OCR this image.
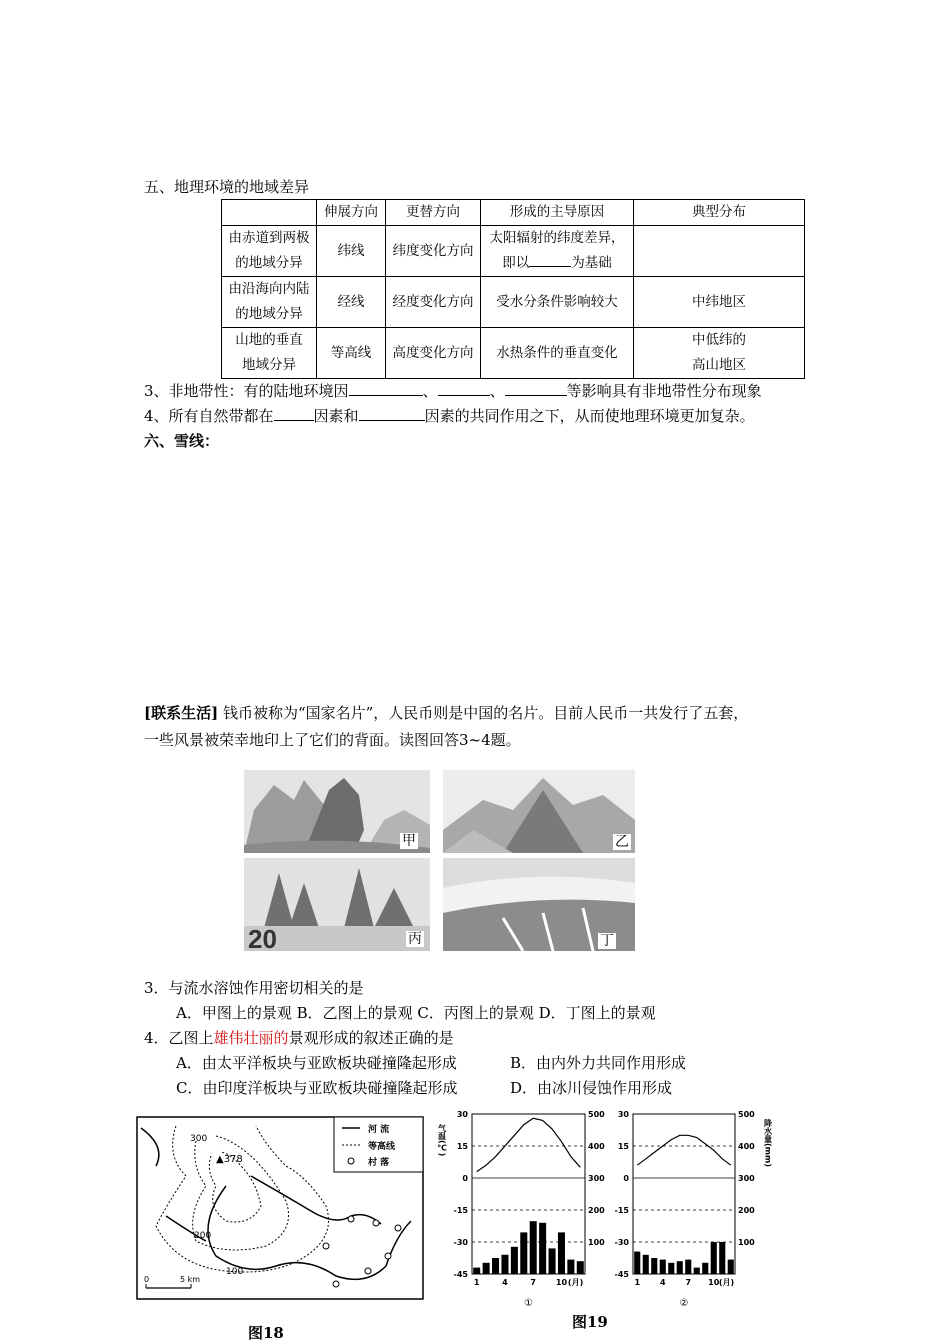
五、地理环境的地域差异
	伸展方向	更替方向	形成的主导原因	典型分布
由赤道到两极
的地域分异	纬线	纬度变化方向	太阳辐射的纬度差异，
即以 为基础	
由沿海向内陆
的地域分异	经线	经度变化方向	受水分条件影响较大	中纬地区
山地的垂直
地域分异	等高线	高度变化方向	水热条件的垂直变化	中低纬的
高山地区
3、非地带性：有的陆地环境因	、	、	等影响具有非地带性分布现象
4、所有自然带都在	因素和	因素的共同作用之下，从而使地理环境更加复杂。
六、雪线：
[联系生活] 钱币被称为“国家名片”，人民币则是中国的名片。目前人民币一共发行了五套，
一些风景被荣幸地印上了它们的背面。读图回答3~4题。
甲	乙
20	丙	丁
3．与流水溶蚀作用密切相关的是
A．甲图上的景观 B．乙图上的景观 C．丙图上的景观 D．丁图上的景观
4．乙图上雄伟壮丽的景观形成的叙述正确的是
A．由太平洋板块与亚欧板块碰撞隆起形成	B．由内外力共同作用形成
C．由印度洋板块与亚欧板块碰撞隆起形成	D．由冰川侵蚀作用形成
河 流
等高线
村 落
▲378
300
200
100
0	5 km
图18
30
15
0
-15
-30
-45
500
400
300
200
100
1	4	7 10 (月)
①
30
15
0
-15
-30
-45
500
400
300
200
100
1 4 7 10 (月)
②
气温(℃)	降水量(mm)
图19
